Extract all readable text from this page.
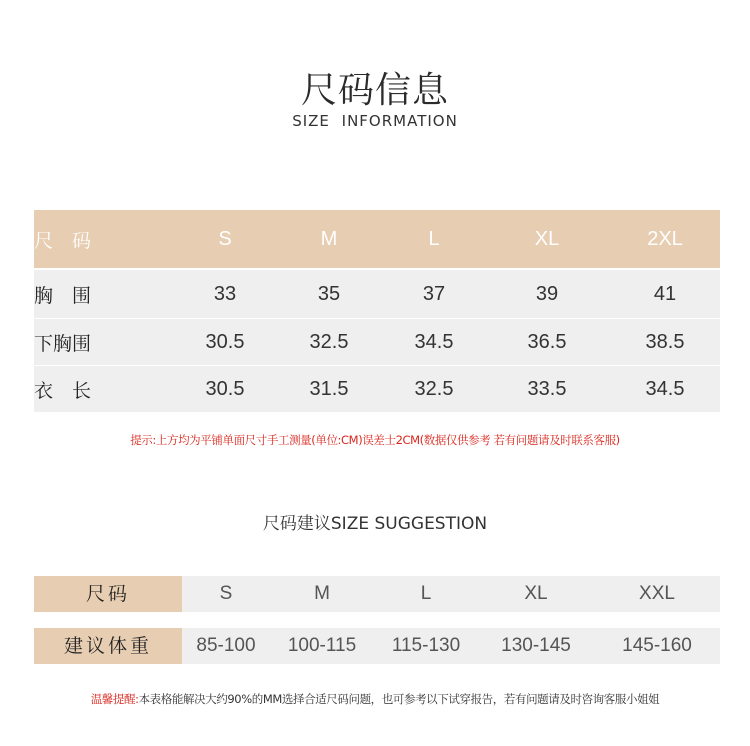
尺码信息
SIZE INFORMATION
尺　码	S	M	L	XL	2XL
胸　围	33	35	37	39	41
下胸围	30.5	32.5	34.5	36.5	38.5
衣　长	30.5	31.5	32.5	33.5	34.5
提示:上方均为平铺单面尺寸手工测量(单位:CM)误差士2CM(数据仅供参考 若有问题请及时联系客服)
尺码建议SIZE SUGGESTION
尺码	S	M	L	XL	XXL
建议体重	85-100	100-115	115-130	130-145	145-160
温馨提醒:本表格能解决大约90%的MM选择合适尺码问题，也可参考以下试穿报告，若有问题请及时咨询客服小姐姐
